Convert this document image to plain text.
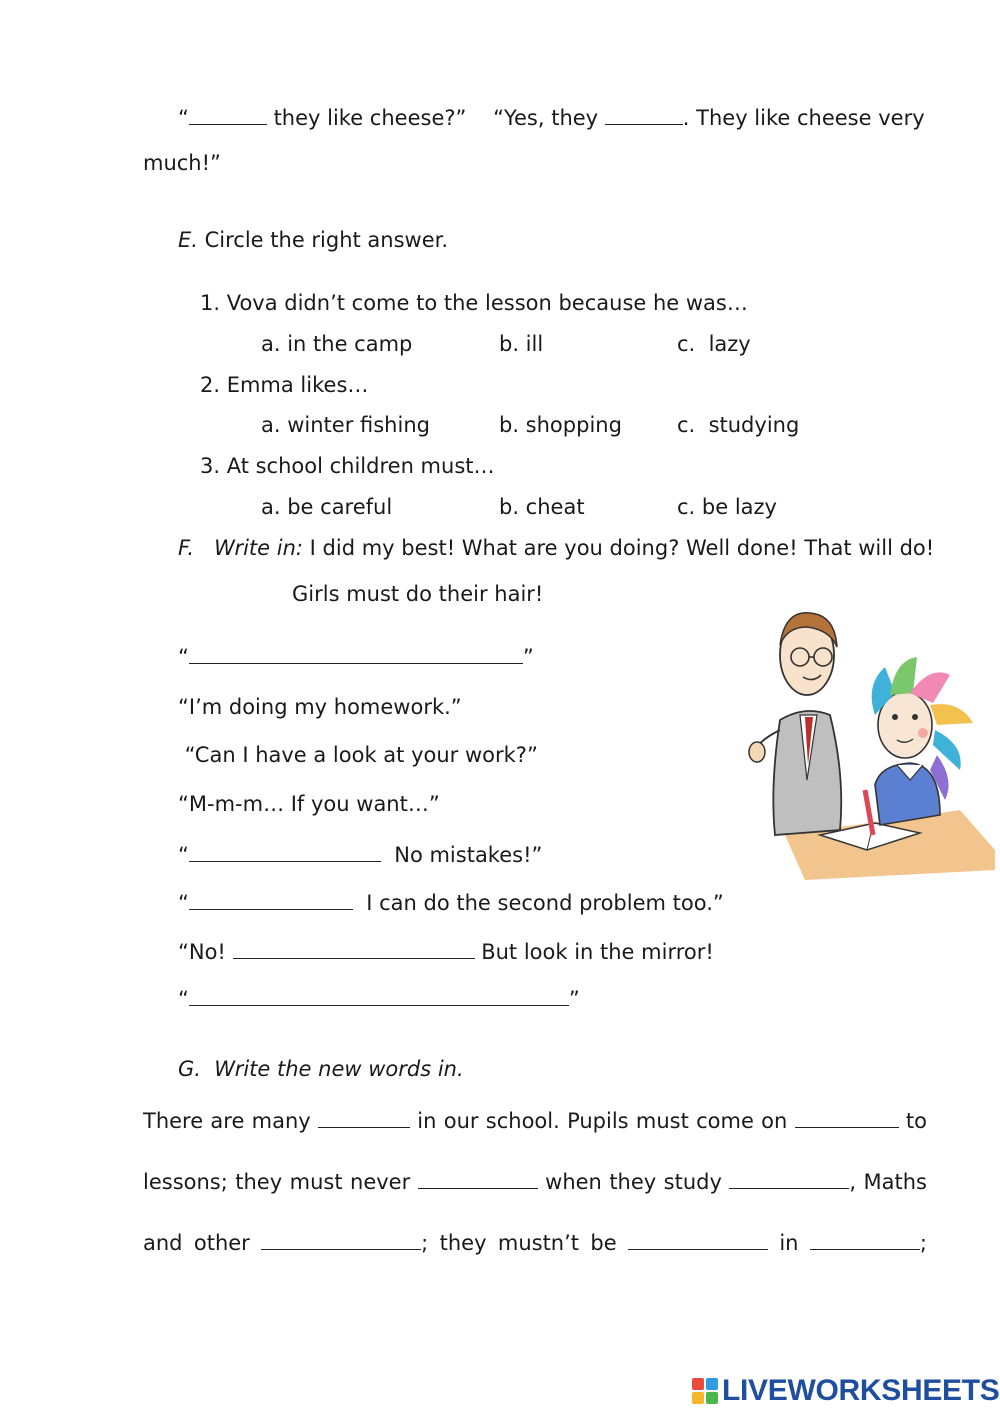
“	they like cheese?”    “Yes, they	. They like cheese very
much!”
E. Circle the right answer.
1. Vova didn’t come to the lesson because he was…
a. in the camp	b. ill	c.  lazy
2. Emma likes…
a. winter fishing	b. shopping	c.  studying
3. At school children must…
a. be careful	b. cheat	c. be lazy
F.   Write in: I did my best! What are you doing? Well done! That will do!
Girls must do their hair!
“	”
“I’m doing my homework.”
“Can I have a look at your work?”
“M-m-m… If you want…”
“	No mistakes!”
“	I can do the second problem too.”
“No!	But look in the mirror!
“	”
G.  Write the new words in.
There are many	in our school. Pupils must come on	to
lessons; they must never	when they study	, Maths
and other	; they mustn’t be	in	;
LIVEWORKSHEETS
